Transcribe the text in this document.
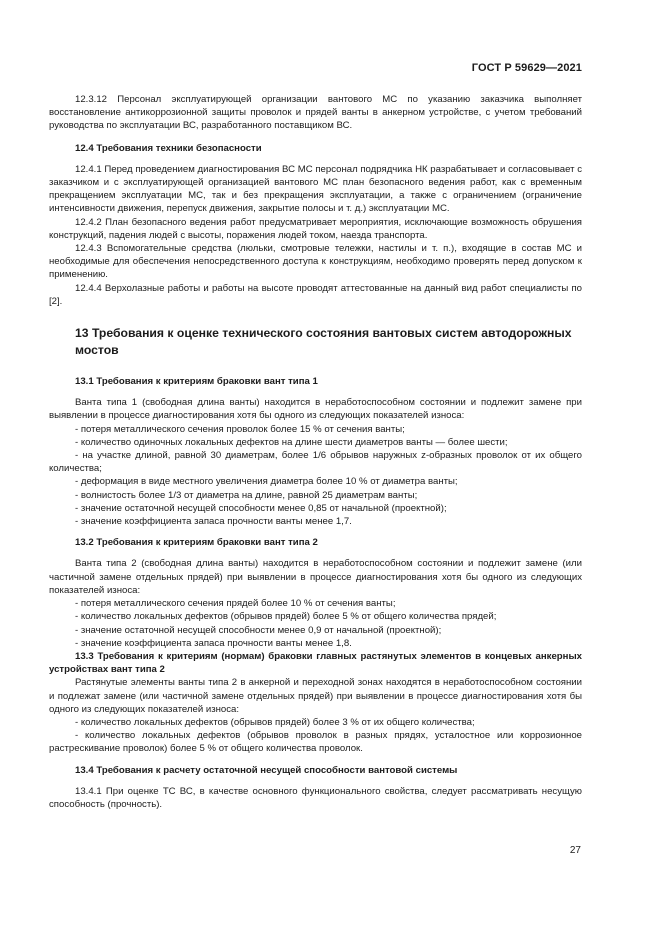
ГОСТ Р 59629—2021

12.3.12 Персонал эксплуатирующей организации вантового МС по указанию заказчика выполняет восстановление антикоррозионной защиты проволок и прядей ванты в анкерном устройстве, с учетом требований руководства по эксплуатации ВС, разработанного поставщиком ВС.

12.4 Требования техники безопасности

12.4.1 Перед проведением диагностирования ВС МС персонал подрядчика НК разрабатывает и согласовывает с заказчиком и с эксплуатирующей организацией вантового МС план безопасного ведения работ, как с временным прекращением эксплуатации МС, так и без прекращения эксплуатации, а также с ограничением (ограничение интенсивности движения, перепуск движения, закрытие полосы и т. д.) эксплуатации МС.

12.4.2 План безопасного ведения работ предусматривает мероприятия, исключающие возможность обрушения конструкций, падения людей с высоты, поражения людей током, наезда транспорта.

12.4.3 Вспомогательные средства (люльки, смотровые тележки, настилы и т. п.), входящие в состав МС и необходимые для обеспечения непосредственного доступа к конструкциям, необходимо проверять перед допуском к применению.

12.4.4 Верхолазные работы и работы на высоте проводят аттестованные на данный вид работ специалисты по [2].

13 Требования к оценке технического состояния вантовых систем автодорожных мостов

13.1 Требования к критериям браковки вант типа 1

Ванта типа 1 (свободная длина ванты) находится в неработоспособном состоянии и подлежит замене при выявлении в процессе диагностирования хотя бы одного из следующих показателей износа:

- потеря металлического сечения проволок более 15 % от сечения ванты;

- количество одиночных локальных дефектов на длине шести диаметров ванты — более шести;

- на участке длиной, равной 30 диаметрам, более 1/6 обрывов наружных z-образных проволок от их общего количества;

- деформация в виде местного увеличения диаметра более 10 % от диаметра ванты;

- волнистость более 1/3 от диаметра на длине, равной 25 диаметрам ванты;

- значение остаточной несущей способности менее 0,85 от начальной (проектной);

- значение коэффициента запаса прочности ванты менее 1,7.

13.2 Требования к критериям браковки вант типа 2

Ванта типа 2 (свободная длина ванты) находится в неработоспособном состоянии и подлежит замене (или частичной замене отдельных прядей) при выявлении в процессе диагностирования хотя бы одного из следующих показателей износа:

- потеря металлического сечения прядей более 10 % от сечения ванты;

- количество локальных дефектов (обрывов прядей) более 5 % от общего количества прядей;

- значение остаточной несущей способности менее 0,9 от начальной (проектной);

- значение коэффициента запаса прочности ванты менее 1,8.

13.3 Требования к критериям (нормам) браковки главных растянутых элементов в концевых анкерных устройствах вант типа 2

Растянутые элементы ванты типа 2 в анкерной и переходной зонах находятся в неработоспособном состоянии и подлежат замене (или частичной замене отдельных прядей) при выявлении в процессе диагностирования хотя бы одного из следующих показателей износа:

- количество локальных дефектов (обрывов прядей) более 3 % от их общего количества;

- количество локальных дефектов (обрывов проволок в разных прядях, усталостное или коррозионное растрескивание проволок) более 5 % от общего количества проволок.

13.4 Требования к расчету остаточной несущей способности вантовой системы

13.4.1 При оценке ТС ВС, в качестве основного функционального свойства, следует рассматривать несущую способность (прочность).

27
